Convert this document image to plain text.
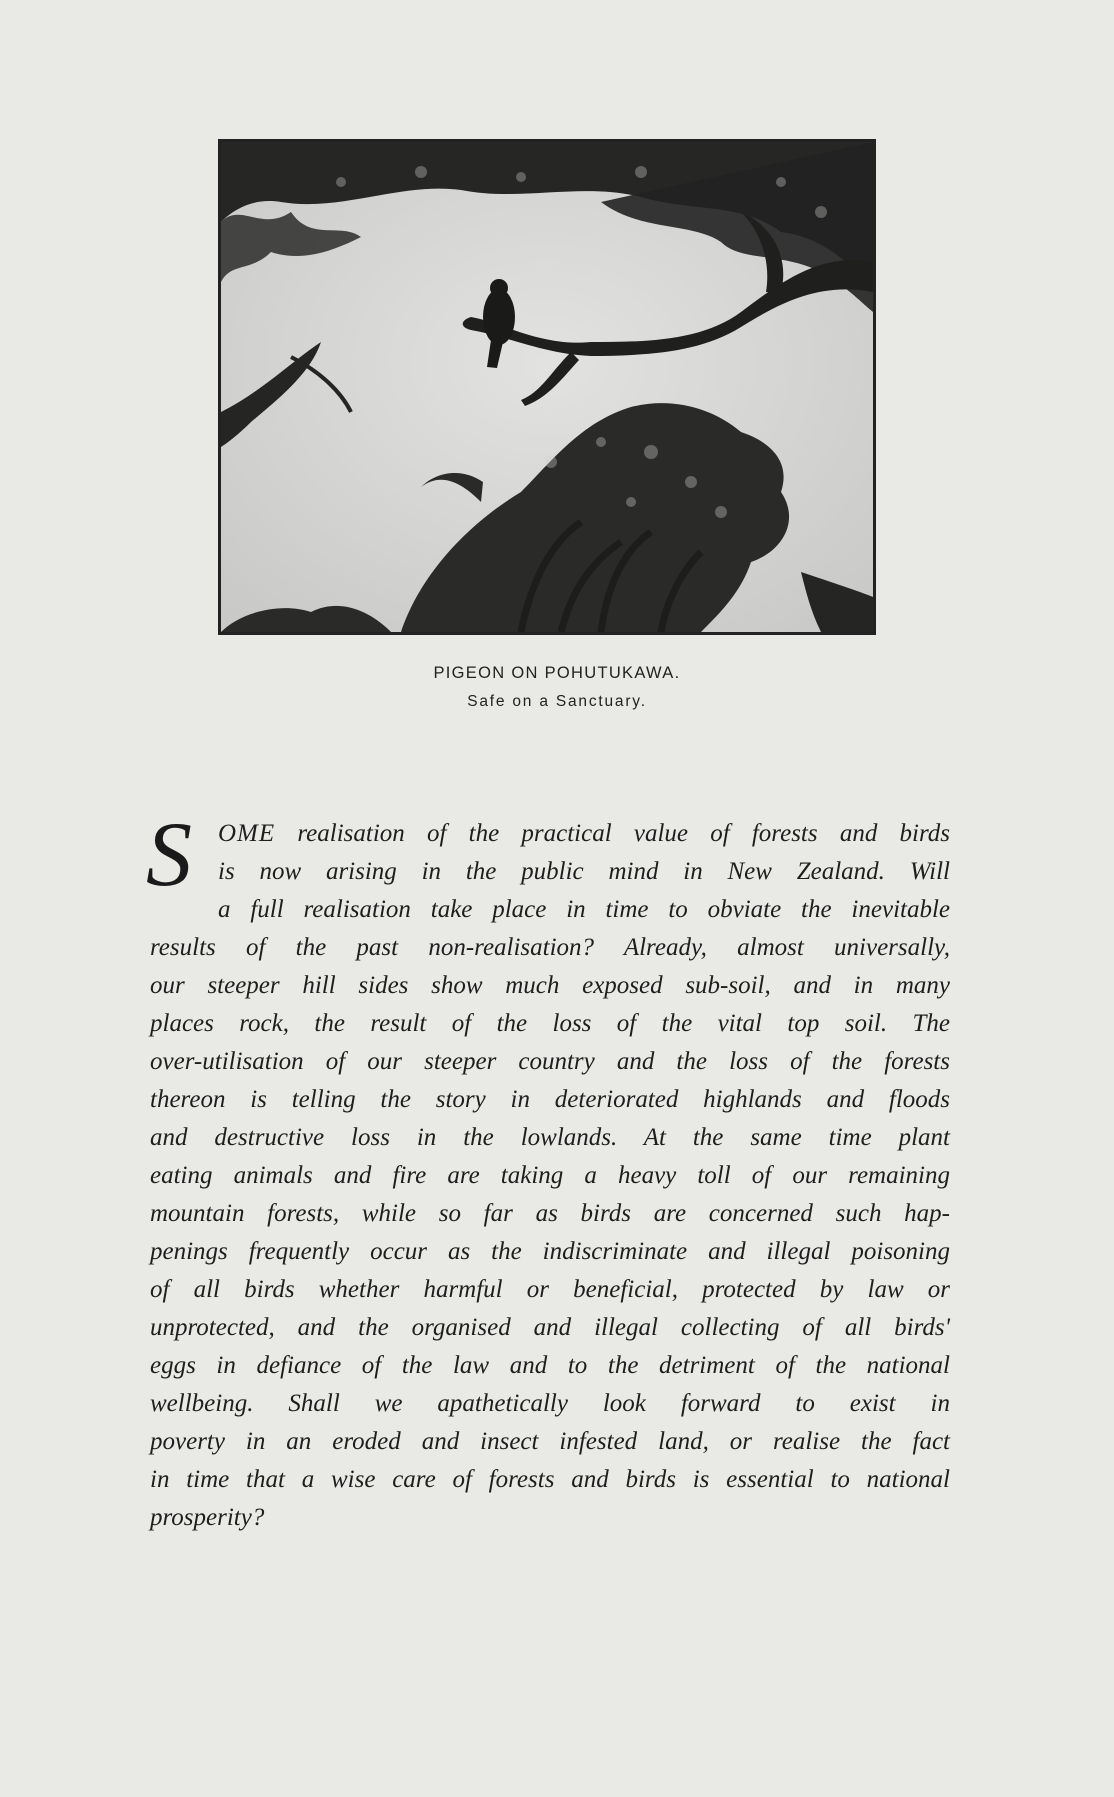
PIGEON ON POHUTUKAWA.
Safe on a Sanctuary.
S	OME realisation of the practical value of forests and birds
is now arising in the public mind in New Zealand. Will
a full realisation take place in time to obviate the inevitable
results of the past non-realisation? Already, almost universally,
our steeper hill sides show much exposed sub-soil, and in many
places rock, the result of the loss of the vital top soil. The
over-utilisation of our steeper country and the loss of the forests
thereon is telling the story in deteriorated highlands and floods
and destructive loss in the lowlands. At the same time plant
eating animals and fire are taking a heavy toll of our remaining
mountain forests, while so far as birds are concerned such hap-
penings frequently occur as the indiscriminate and illegal poisoning
of all birds whether harmful or beneficial, protected by law or
unprotected, and the organised and illegal collecting of all birds'
eggs in defiance of the law and to the detriment of the national
wellbeing. Shall we apathetically look forward to exist in
poverty in an eroded and insect infested land, or realise the fact
in time that a wise care of forests and birds is essential to national
prosperity?
